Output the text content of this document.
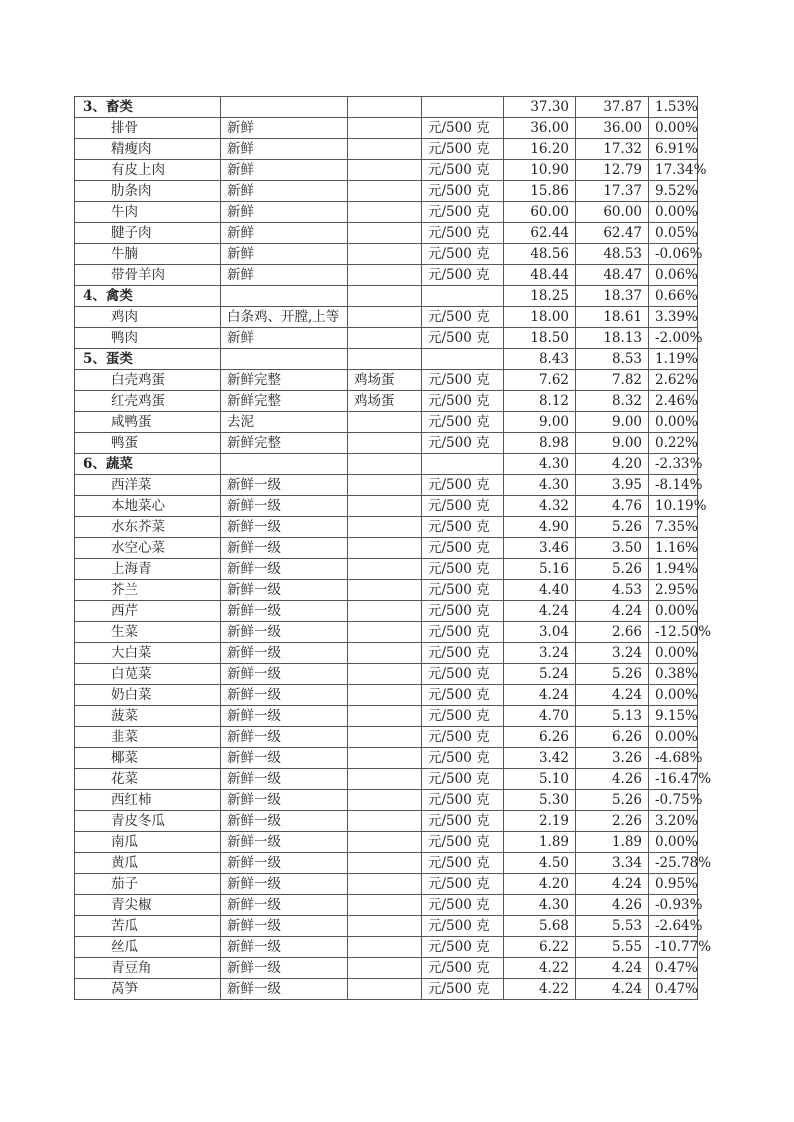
3、畜类				37.30	37.87	1.53%
排骨	新鲜		元/500 克	36.00	36.00	0.00%
精瘦肉	新鲜		元/500 克	16.20	17.32	6.91%
有皮上肉	新鲜		元/500 克	10.90	12.79	17.34%
肋条肉	新鲜		元/500 克	15.86	17.37	9.52%
牛肉	新鲜		元/500 克	60.00	60.00	0.00%
腱子肉	新鲜		元/500 克	62.44	62.47	0.05%
牛腩	新鲜		元/500 克	48.56	48.53	-0.06%
带骨羊肉	新鲜		元/500 克	48.44	48.47	0.06%
4、禽类				18.25	18.37	0.66%
鸡肉	白条鸡、开膛,上等		元/500 克	18.00	18.61	3.39%
鸭肉	新鲜		元/500 克	18.50	18.13	-2.00%
5、蛋类				8.43	8.53	1.19%
白壳鸡蛋	新鲜完整	鸡场蛋	元/500 克	7.62	7.82	2.62%
红壳鸡蛋	新鲜完整	鸡场蛋	元/500 克	8.12	8.32	2.46%
咸鸭蛋	去泥		元/500 克	9.00	9.00	0.00%
鸭蛋	新鲜完整		元/500 克	8.98	9.00	0.22%
6、蔬菜				4.30	4.20	-2.33%
西洋菜	新鲜一级		元/500 克	4.30	3.95	-8.14%
本地菜心	新鲜一级		元/500 克	4.32	4.76	10.19%
水东芥菜	新鲜一级		元/500 克	4.90	5.26	7.35%
水空心菜	新鲜一级		元/500 克	3.46	3.50	1.16%
上海青	新鲜一级		元/500 克	5.16	5.26	1.94%
芥兰	新鲜一级		元/500 克	4.40	4.53	2.95%
西芹	新鲜一级		元/500 克	4.24	4.24	0.00%
生菜	新鲜一级		元/500 克	3.04	2.66	-12.50%
大白菜	新鲜一级		元/500 克	3.24	3.24	0.00%
白苋菜	新鲜一级		元/500 克	5.24	5.26	0.38%
奶白菜	新鲜一级		元/500 克	4.24	4.24	0.00%
菠菜	新鲜一级		元/500 克	4.70	5.13	9.15%
韭菜	新鲜一级		元/500 克	6.26	6.26	0.00%
椰菜	新鲜一级		元/500 克	3.42	3.26	-4.68%
花菜	新鲜一级		元/500 克	5.10	4.26	-16.47%
西红柿	新鲜一级		元/500 克	5.30	5.26	-0.75%
青皮冬瓜	新鲜一级		元/500 克	2.19	2.26	3.20%
南瓜	新鲜一级		元/500 克	1.89	1.89	0.00%
黄瓜	新鲜一级		元/500 克	4.50	3.34	-25.78%
茄子	新鲜一级		元/500 克	4.20	4.24	0.95%
青尖椒	新鲜一级		元/500 克	4.30	4.26	-0.93%
苦瓜	新鲜一级		元/500 克	5.68	5.53	-2.64%
丝瓜	新鲜一级		元/500 克	6.22	5.55	-10.77%
青豆角	新鲜一级		元/500 克	4.22	4.24	0.47%
莴笋	新鲜一级		元/500 克	4.22	4.24	0.47%
